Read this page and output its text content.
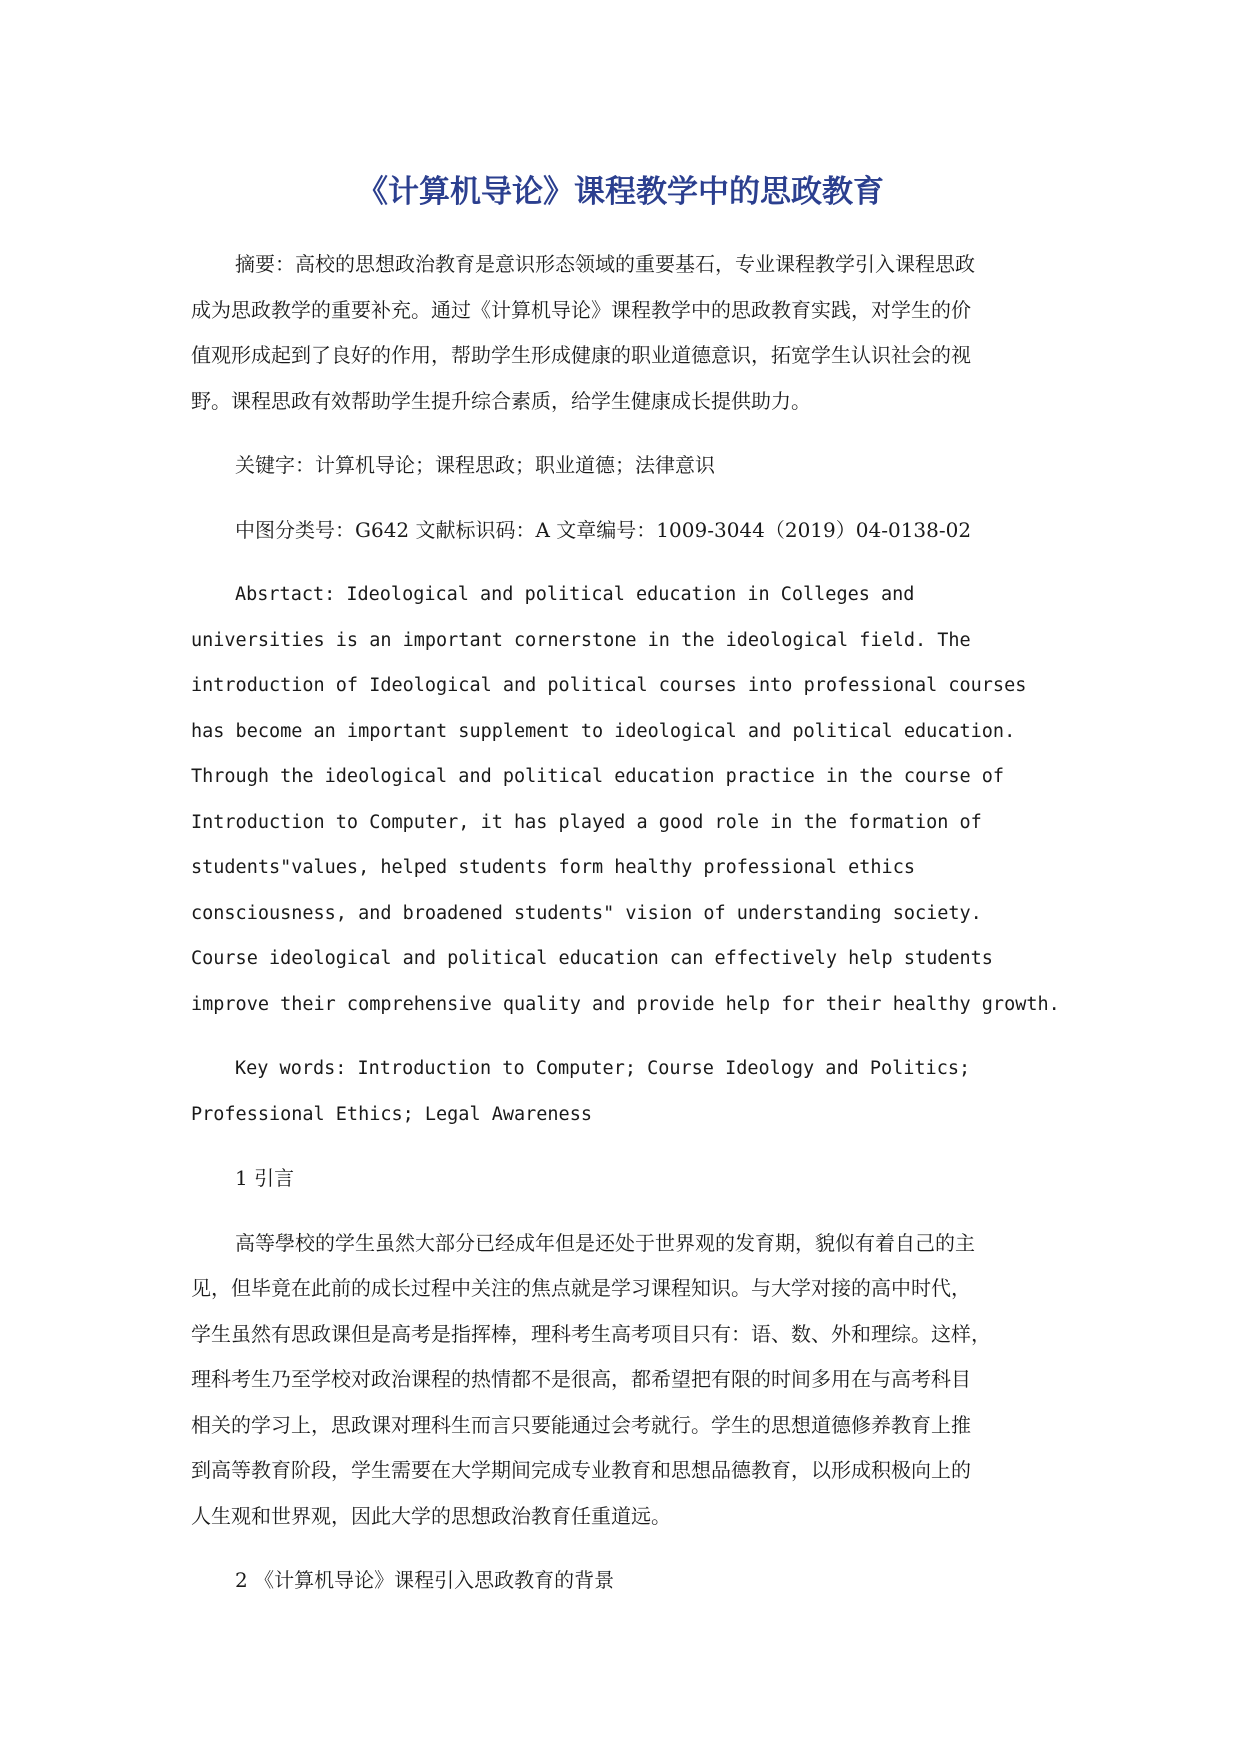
《计算机导论》课程教学中的思政教育
摘要：高校的思想政治教育是意识形态领域的重要基石，专业课程教学引入课程思政
成为思政教学的重要补充。通过《计算机导论》课程教学中的思政教育实践，对学生的价
值观形成起到了良好的作用，帮助学生形成健康的职业道德意识，拓宽学生认识社会的视
野。课程思政有效帮助学生提升综合素质，给学生健康成长提供助力。
关键字：计算机导论；课程思政；职业道德；法律意识
中图分类号：G642 文献标识码：A 文章编号：1009-3044（2019）04-0138-02
Absrtact: Ideological and political education in Colleges and
universities is an important cornerstone in the ideological field. The
introduction of Ideological and political courses into professional courses
has become an important supplement to ideological and political education.
Through the ideological and political education practice in the course of
Introduction to Computer, it has played a good role in the formation of
students"values, helped students form healthy professional ethics
consciousness, and broadened students" vision of understanding society.
Course ideological and political education can effectively help students
improve their comprehensive quality and provide help for their healthy growth.
Key words: Introduction to Computer; Course Ideology and Politics;
Professional Ethics; Legal Awareness
1 引言
高等學校的学生虽然大部分已经成年但是还处于世界观的发育期，貌似有着自己的主
见，但毕竟在此前的成长过程中关注的焦点就是学习课程知识。与大学对接的高中时代，
学生虽然有思政课但是高考是指挥棒，理科考生高考项目只有：语、数、外和理综。这样，
理科考生乃至学校对政治课程的热情都不是很高，都希望把有限的时间多用在与高考科目
相关的学习上，思政课对理科生而言只要能通过会考就行。学生的思想道德修养教育上推
到高等教育阶段，学生需要在大学期间完成专业教育和思想品德教育，以形成积极向上的
人生观和世界观，因此大学的思想政治教育任重道远。
2 《计算机导论》课程引入思政教育的背景
